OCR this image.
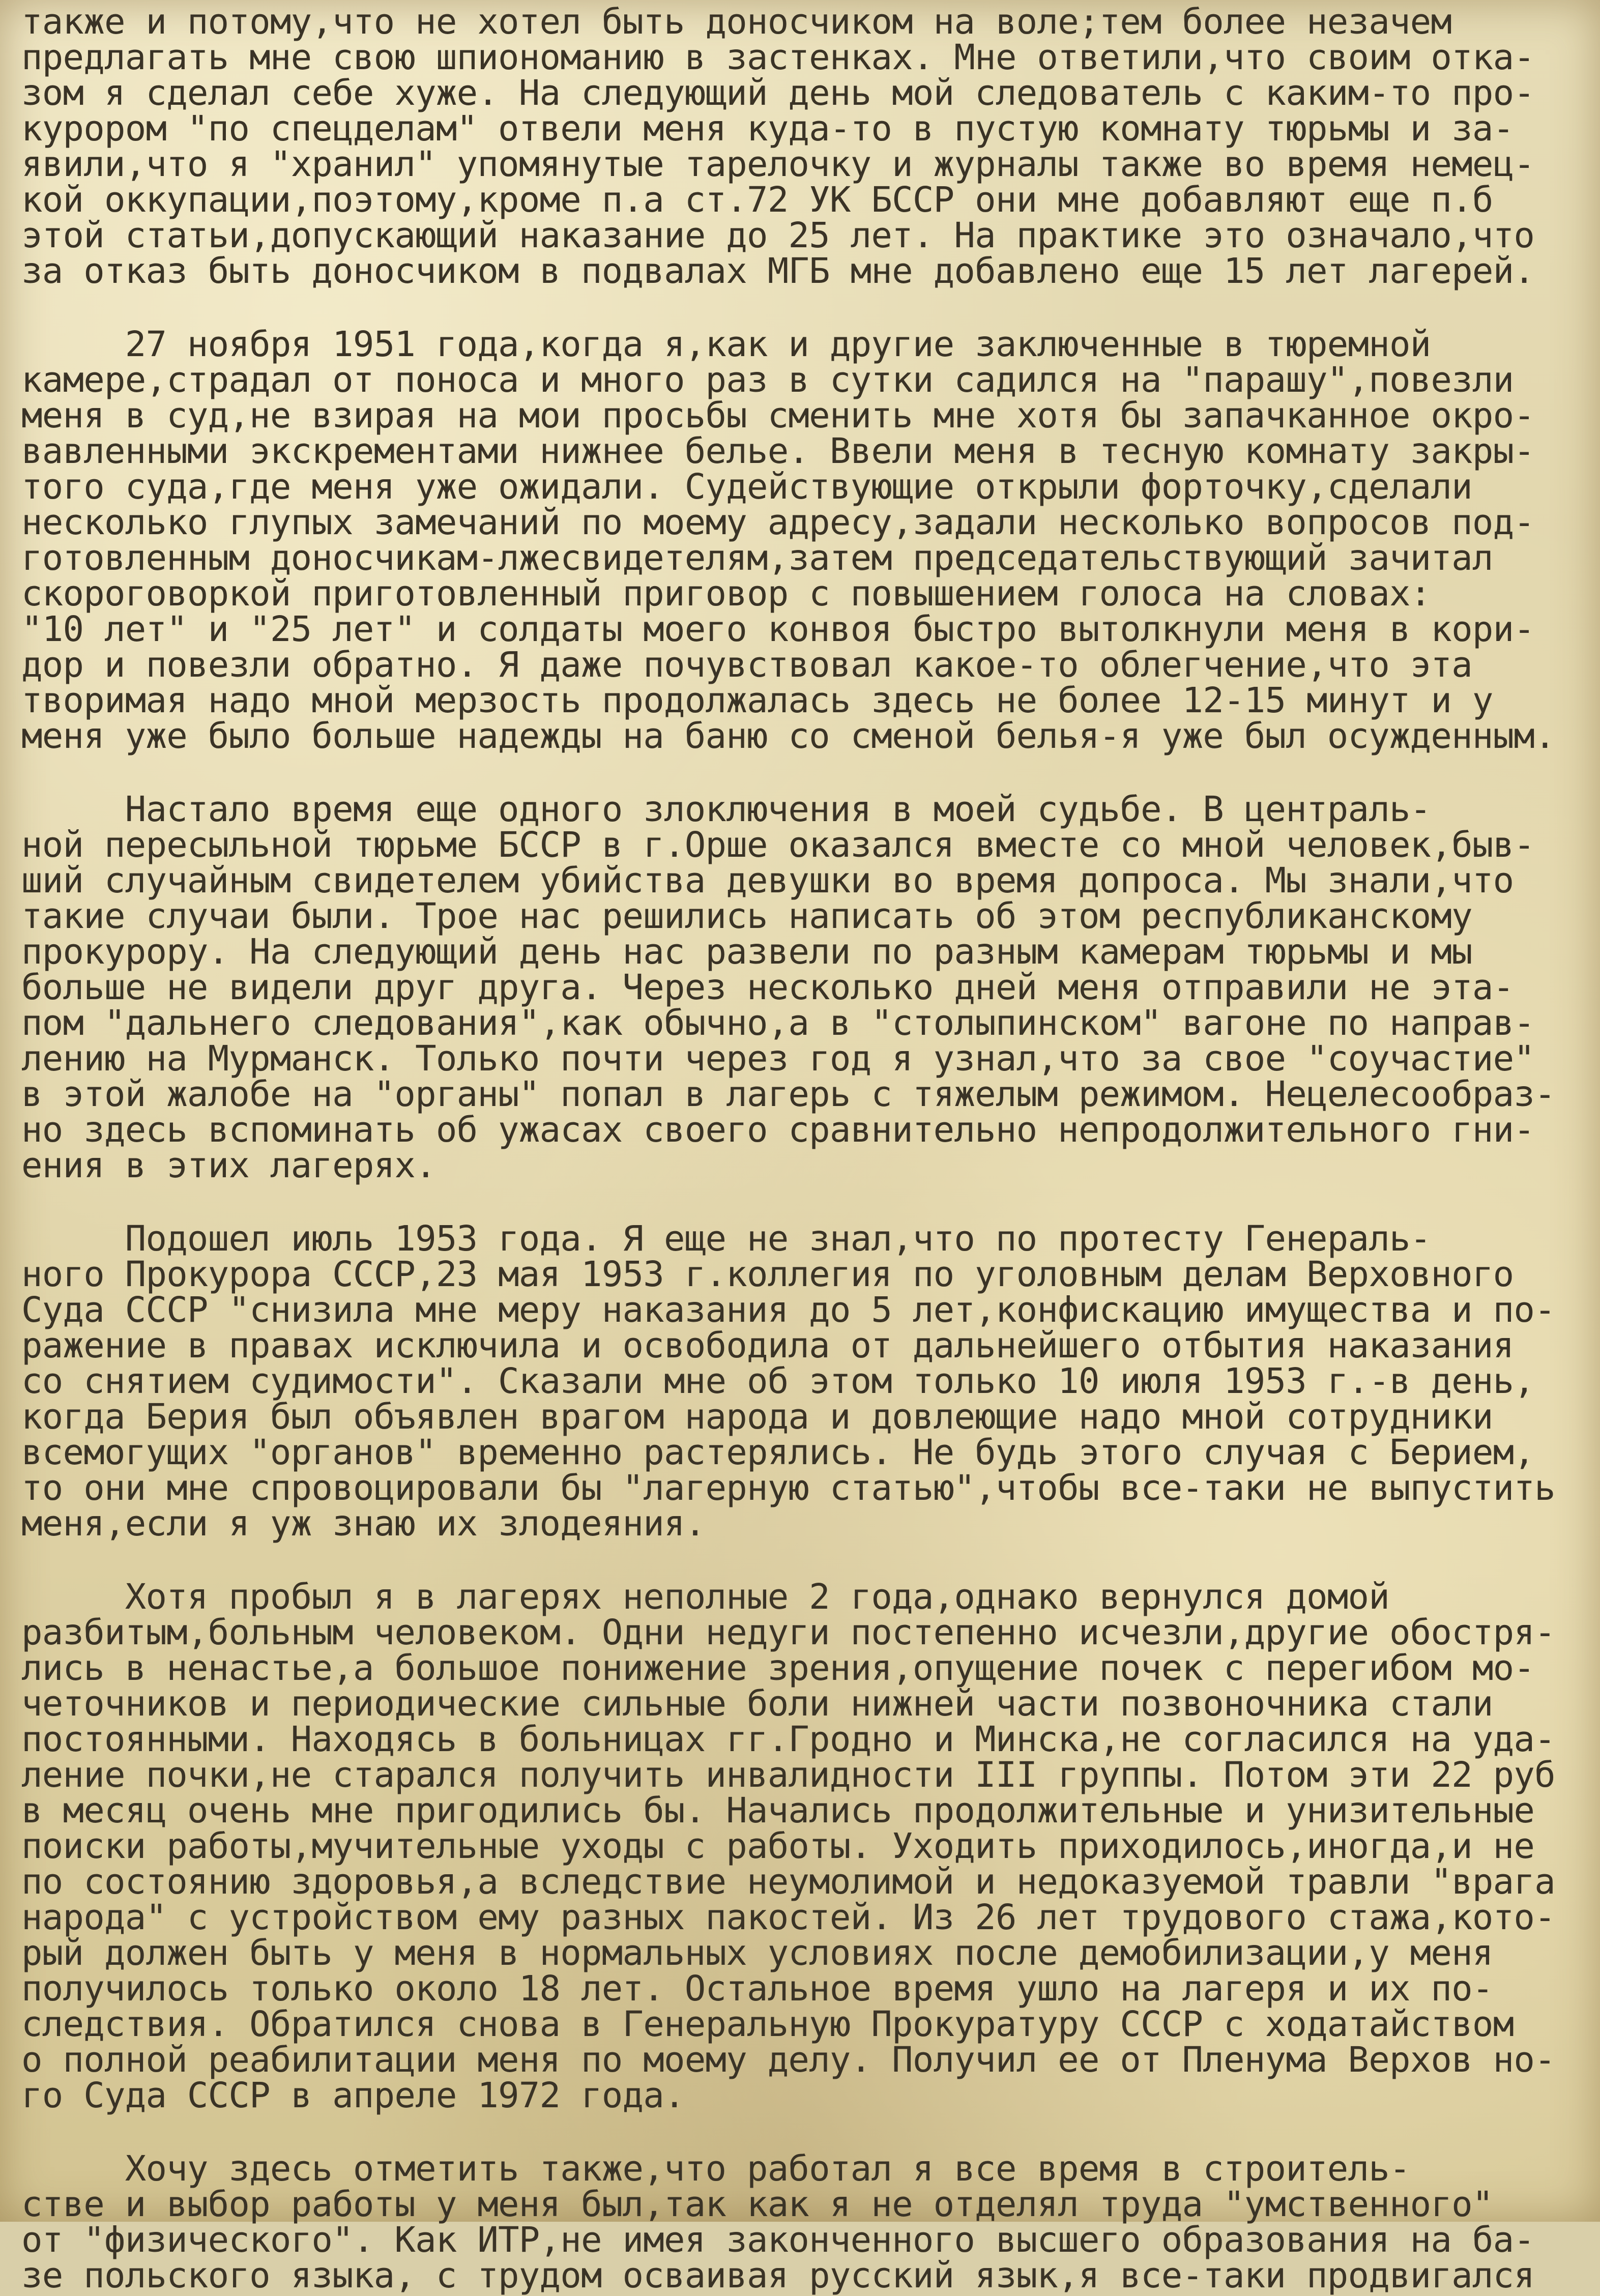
также и потому,что не хотел быть доносчиком на воле;тем более незачем
предлагать мне свою шпиономанию в застенках. Мне ответили,что своим отка-
зом я сделал себе хуже. На следующий день мой следователь с каким-то про-
курором "по спецделам" отвели меня куда-то в пустую комнату тюрьмы и за-
явили,что я "хранил" упомянутые тарелочку и журналы также во время немец-
кой оккупации,поэтому,кроме п.а ст.72 УК БССР они мне добавляют еще п.б
этой статьи,допускающий наказание до 25 лет. На практике это означало,что
за отказ быть доносчиком в подвалах МГБ мне добавлено еще 15 лет лагерей.
27 ноября 1951 года,когда я,как и другие заключенные в тюремной
камере,страдал от поноса и много раз в сутки садился на "парашу",повезли
меня в суд,не взирая на мои просьбы сменить мне хотя бы запачканное окро-
вавленными экскрементами нижнее белье. Ввели меня в тесную комнату закры-
того суда,где меня уже ожидали. Судействующие открыли форточку,сделали
несколько глупых замечаний по моему адресу,задали несколько вопросов под-
готовленным доносчикам-лжесвидетелям,затем председательствующий зачитал
скороговоркой приготовленный приговор с повышением голоса на словах:
"10 лет" и "25 лет" и солдаты моего конвоя быстро вытолкнули меня в кори-
дор и повезли обратно. Я даже почувствовал какое-то облегчение,что эта
творимая надо мной мерзость продолжалась здесь не более 12-15 минут и у
меня уже было больше надежды на баню со сменой белья-я уже был осужденным.
Настало время еще одного злоключения в моей судьбе. В централь-
ной пересыльной тюрьме БССР в г.Орше оказался вместе со мной человек,быв-
ший случайным свидетелем убийства девушки во время допроса. Мы знали,что
такие случаи были. Трое нас решились написать об этом республиканскому
прокурору. На следующий день нас развели по разным камерам тюрьмы и мы
больше не видели друг друга. Через несколько дней меня отправили не эта-
пом "дальнего следования",как обычно,а в "столыпинском" вагоне по направ-
лению на Мурманск. Только почти через год я узнал,что за свое "соучастие"
в этой жалобе на "органы" попал в лагерь с тяжелым режимом. Нецелесообраз-
но здесь вспоминать об ужасах своего сравнительно непродолжительного гни-
ения в этих лагерях.
Подошел июль 1953 года. Я еще не знал,что по протесту Генераль-
ного Прокурора СССР,23 мая 1953 г.коллегия по уголовным делам Верховного
Суда СССР "снизила мне меру наказания до 5 лет,конфискацию имущества и по-
ражение в правах исключила и освободила от дальнейшего отбытия наказания
со снятием судимости". Сказали мне об этом только 10 июля 1953 г.-в день,
когда Берия был объявлен врагом народа и довлеющие надо мной сотрудники
всемогущих "органов" временно растерялись. Не будь этого случая с Берием,
то они мне спровоцировали бы "лагерную статью",чтобы все-таки не выпустить
меня,если я уж знаю их злодеяния.
Хотя пробыл я в лагерях неполные 2 года,однако вернулся домой
разбитым,больным человеком. Одни недуги постепенно исчезли,другие обостря-
лись в ненастье,а большое понижение зрения,опущение почек с перегибом мо-
четочников и периодические сильные боли нижней части позвоночника стали
постоянными. Находясь в больницах гг.Гродно и Минска,не согласился на уда-
ление почки,не старался получить инвалидности III группы. Потом эти 22 руб
в месяц очень мне пригодились бы. Начались продолжительные и унизительные
поиски работы,мучительные уходы с работы. Уходить приходилось,иногда,и не
по состоянию здоровья,а вследствие неумолимой и недоказуемой травли "врага
народа" с устройством ему разных пакостей. Из 26 лет трудового стажа,кото-
рый должен быть у меня в нормальных условиях после демобилизации,у меня
получилось только около 18 лет. Остальное время ушло на лагеря и их по-
следствия. Обратился снова в Генеральную Прокуратуру СССР с ходатайством
о полной реабилитации меня по моему делу. Получил ее от Пленума Верхов но-
го Суда СССР в апреле 1972 года.
Хочу здесь отметить также,что работал я все время в строитель-
стве и выбор работы у меня был,так как я не отделял труда "умственного"
от "физического". Как ИТР,не имея законченного высшего образования на ба-
зе польского языка, с трудом осваивая русский язык,я все-таки продвигался
